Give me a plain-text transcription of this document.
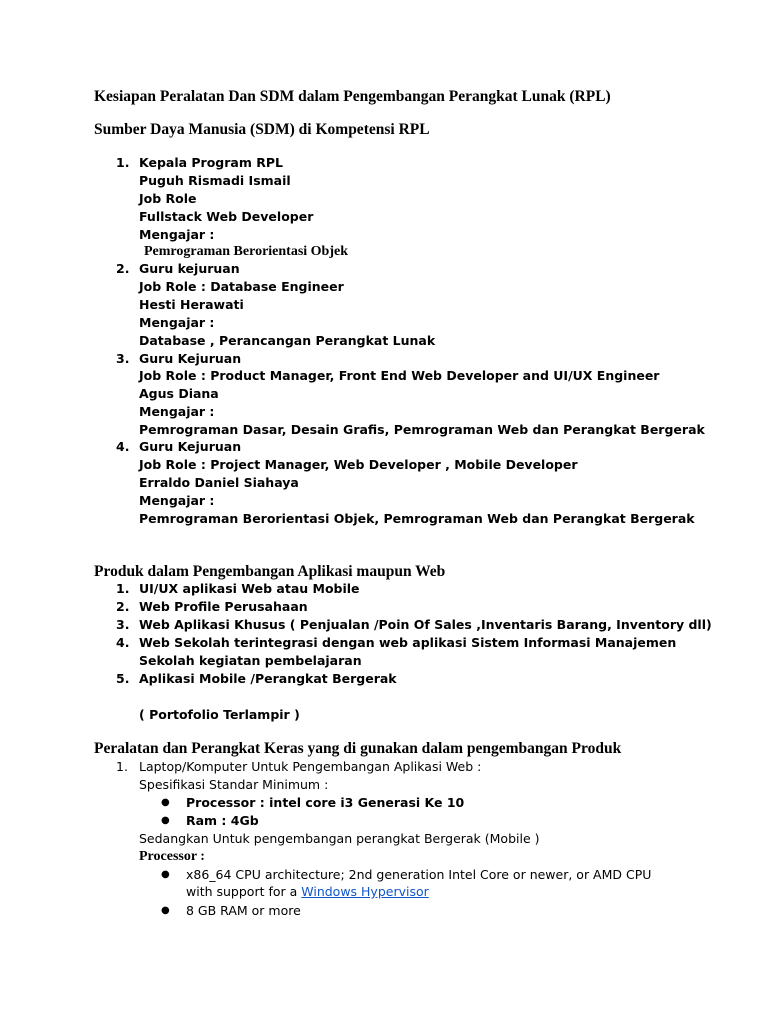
Kesiapan Peralatan Dan SDM dalam Pengembangan Perangkat Lunak (RPL)
Sumber Daya Manusia (SDM) di Kompetensi RPL
1. Kepala Program RPL
Puguh Rismadi Ismail
Job Role
Fullstack Web Developer
Mengajar :
Pemrograman Berorientasi Objek
2. Guru kejuruan
Job Role : Database Engineer
Hesti Herawati
Mengajar :
Database , Perancangan Perangkat Lunak
3. Guru Kejuruan
Job Role : Product Manager, Front End Web Developer and UI/UX Engineer
Agus Diana
Mengajar :
Pemrograman Dasar, Desain Grafis, Pemrograman Web dan Perangkat Bergerak
4. Guru Kejuruan
Job Role : Project Manager, Web Developer , Mobile Developer
Erraldo Daniel Siahaya
Mengajar :
Pemrograman Berorientasi Objek, Pemrograman Web dan Perangkat Bergerak
Produk dalam Pengembangan Aplikasi maupun Web
1. UI/UX aplikasi Web atau Mobile
2. Web Profile Perusahaan
3. Web Aplikasi Khusus ( Penjualan /Poin Of Sales ,Inventaris Barang, Inventory dll)
4. Web Sekolah terintegrasi dengan web aplikasi Sistem Informasi Manajemen
Sekolah kegiatan pembelajaran
5. Aplikasi Mobile /Perangkat Bergerak
( Portofolio Terlampir )
Peralatan dan Perangkat Keras yang di gunakan dalam pengembangan Produk
1. Laptop/Komputer Untuk Pengembangan Aplikasi Web :
Spesifikasi Standar Minimum :
● Processor : intel core i3 Generasi Ke 10
● Ram : 4Gb
Sedangkan Untuk pengembangan perangkat Bergerak (Mobile )
Processor :
● x86_64 CPU architecture; 2nd generation Intel Core or newer, or AMD CPU
with support for a Windows Hypervisor
● 8 GB RAM or more
